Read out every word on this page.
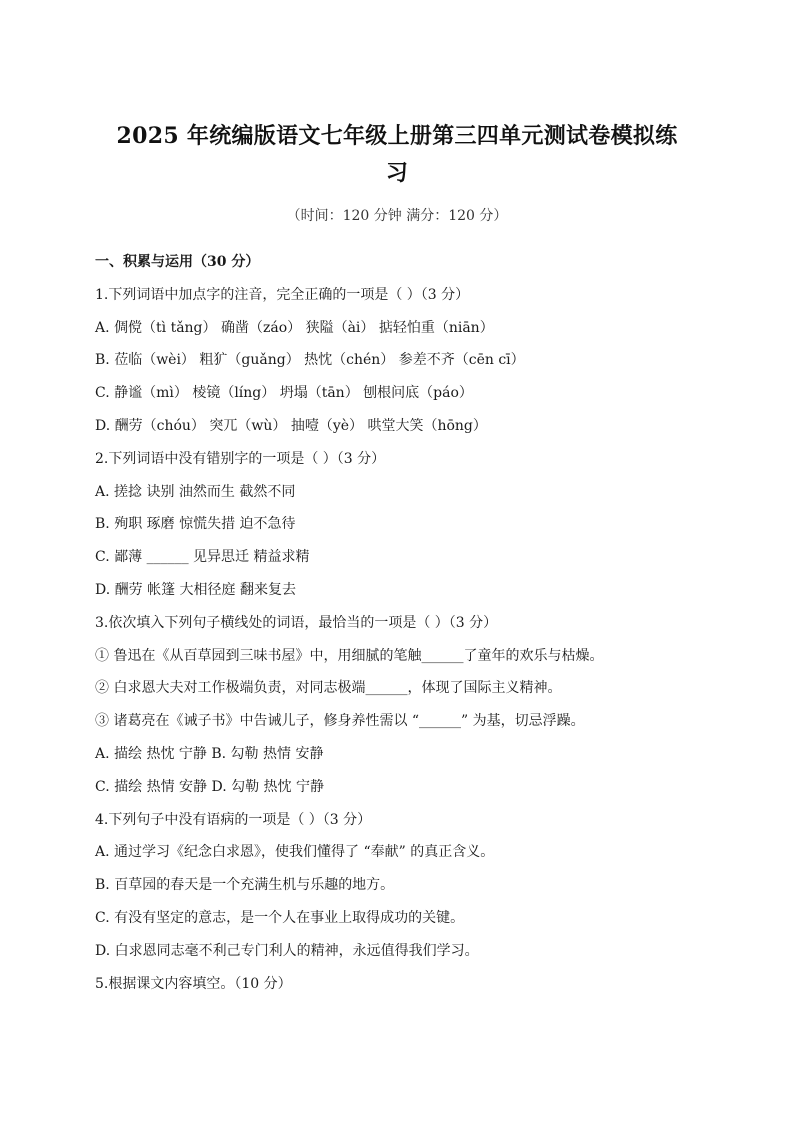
2025 年统编版语文七年级上册第三四单元测试卷模拟练
习
（时间：120 分钟 满分：120 分）
一、积累与运用（30 分）
1.下列词语中加点字的注音，完全正确的一项是（ ）（3 分）
A. 倜傥（tì tǎng） 确凿（záo） 狭隘（ài） 掂轻怕重（niān）
B. 莅临（wèi） 粗犷（guǎng） 热忱（chén） 参差不齐（cēn cī）
C. 静谧（mì） 棱镜（líng） 坍塌（tān） 刨根问底（páo）
D. 酬劳（chóu） 突兀（wù） 抽噎（yè） 哄堂大笑（hōng）
2.下列词语中没有错别字的一项是（ ）（3 分）
A. 搓捻 诀别 油然而生 截然不同
B. 殉职 琢磨 惊慌失措 迫不急待
C. 鄙薄 ______ 见异思迁 精益求精
D. 酬劳 帐篷 大相径庭 翻来复去
3.依次填入下列句子横线处的词语，最恰当的一项是（ ）（3 分）
① 鲁迅在《从百草园到三味书屋》中，用细腻的笔触______了童年的欢乐与枯燥。
② 白求恩大夫对工作极端负责，对同志极端______，体现了国际主义精神。
③ 诸葛亮在《诫子书》中告诫儿子，修身养性需以 “______” 为基，切忌浮躁。
A. 描绘 热忱 宁静 B. 勾勒 热情 安静
C. 描绘 热情 安静 D. 勾勒 热忱 宁静
4.下列句子中没有语病的一项是（ ）（3 分）
A. 通过学习《纪念白求恩》，使我们懂得了 “奉献” 的真正含义。
B. 百草园的春天是一个充满生机与乐趣的地方。
C. 有没有坚定的意志，是一个人在事业上取得成功的关键。
D. 白求恩同志毫不利己专门利人的精神，永远值得我们学习。
5.根据课文内容填空。（10 分）
